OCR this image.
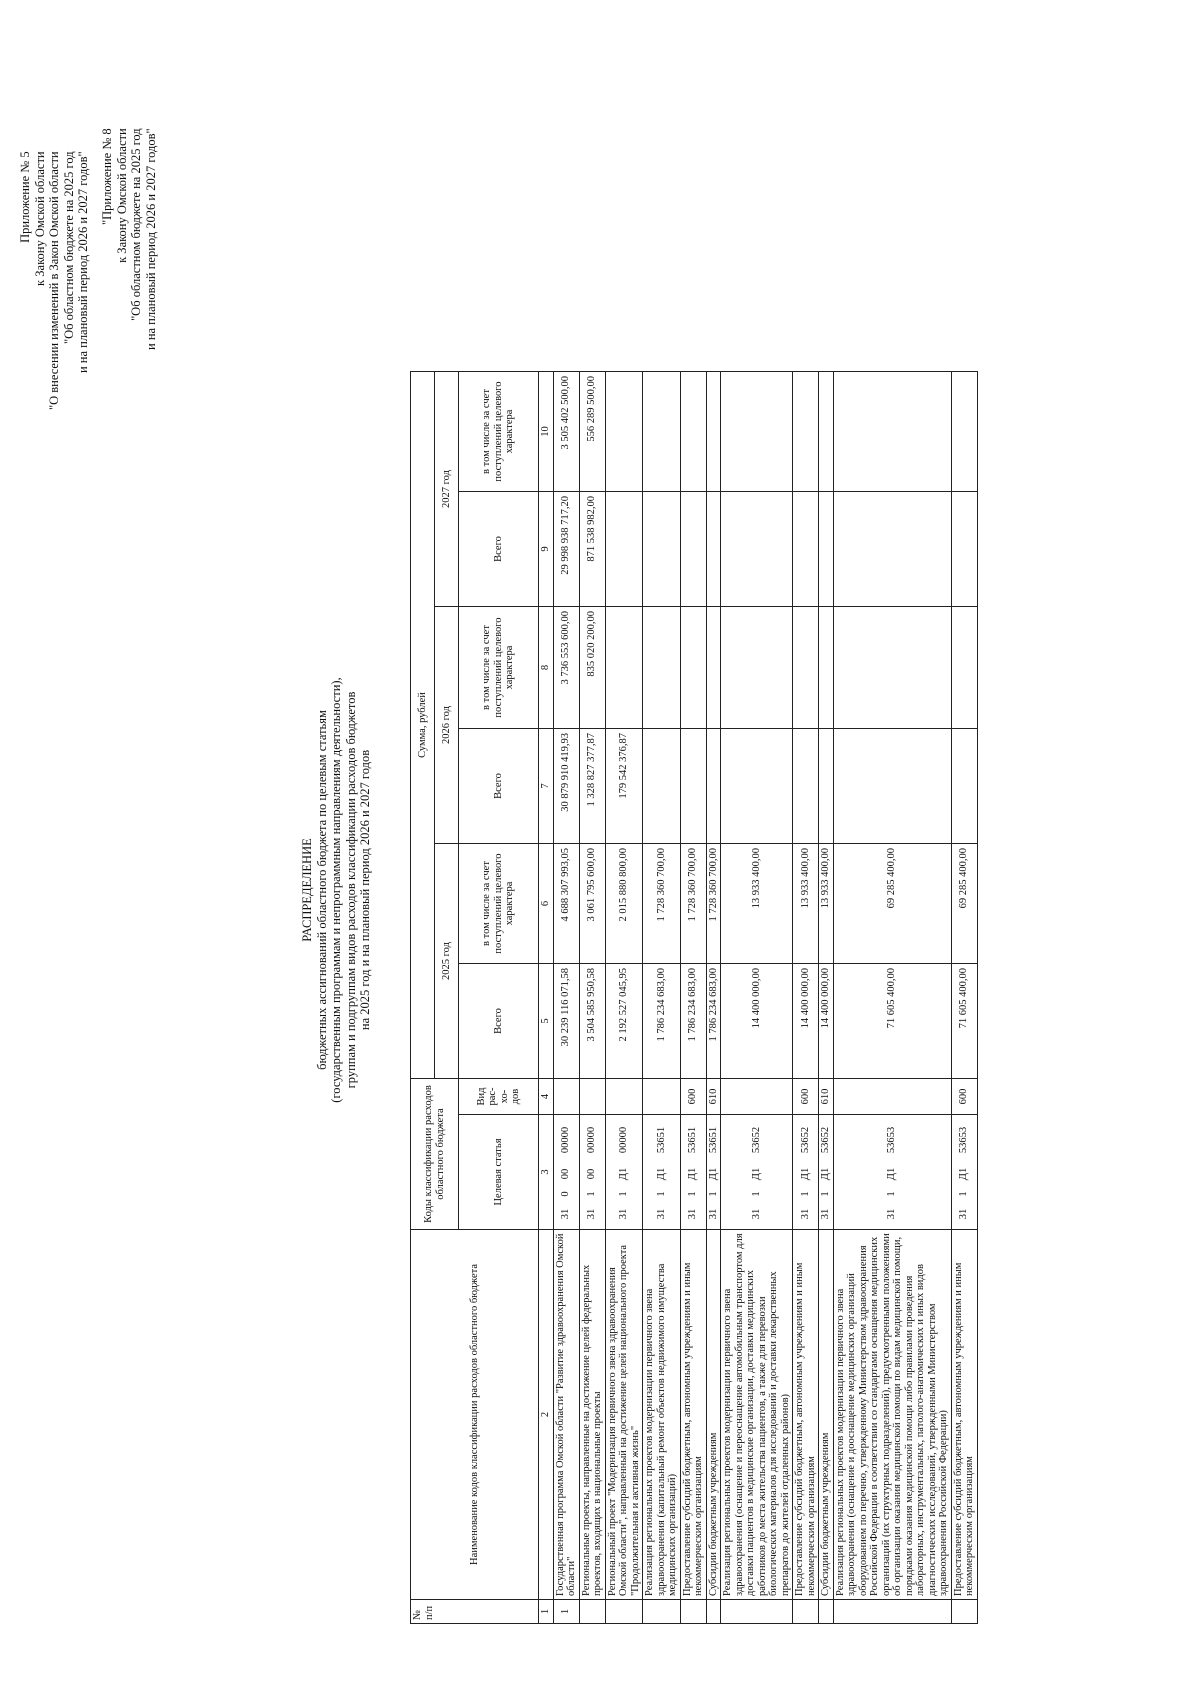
Приложение № 5 к Закону Омской области "О внесении изменений в Закон Омской области "Об областном бюджете на 2025 год и на плановый период 2026 и 2027 годов" "Приложение № 8 к Закону Омской области "Об областном бюджете на 2025 год и на плановый период 2026 и 2027 годов"
РАСПРЕДЕЛЕНИЕ бюджетных ассигнований областного бюджета по целевым статьям (государственным программам и непрограммным направлениям деятельности), группам и подгруппам видов расходов классификации расходов бюджетов на 2025 год и на плановый период 2026 и 2027 годов
№ п/п	Наименование кодов классификации расходов областного бюджета	Коды классификации расходов областного бюджета		Сумма, рублей					
				2025 год		2026 год		2027 год	
		Целевая статья	Вид рас-хо-дов	Всего	в том числе за счет поступлений целевого характера	Всего	в том числе за счет поступлений целевого характера	Всего	в том числе за счет поступлений целевого характера
1	2	3	4	5	6	7	8	9	10
1	Государственная программа Омской области "Развитие здравоохранения Омской области"	3100000000		30 239 116 071,58	4 688 307 993,05	30 879 910 419,93	3 736 553 600,00	29 998 938 717,20	3 505 402 500,00
	Региональные проекты, направленные на достижение целей федеральных проектов, входящих в национальные проекты	3110000000		3 504 585 950,58	3 061 795 600,00	1 328 827 377,87	835 020 200,00	871 538 982,00	556 289 500,00
	Региональный проект "Модернизация первичного звена здравоохранения Омской области", направленный на достижение целей национального проекта "Продолжительная и активная жизнь"	311Д100000		2 192 527 045,95	2 015 880 800,00	179 542 376,87			
	Реализация региональных проектов модернизации первичного звена здравоохранения (капитальный ремонт объектов недвижимого имущества медицинских организаций)	311Д153651		1 786 234 683,00	1 728 360 700,00				
	Предоставление субсидий бюджетным, автономным учреждениям и иным некоммерческим организациям	311Д153651	600	1 786 234 683,00	1 728 360 700,00				
	Субсидии бюджетным учреждениям	311Д153651	610	1 786 234 683,00	1 728 360 700,00				
	Реализация региональных проектов модернизации первичного звена здравоохранения (оснащение и переоснащение автомобильным транспортом для доставки пациентов в медицинские организации, доставки медицинских работников до места жительства пациентов, а также для перевозки биологических материалов для исследований и доставки лекарственных препаратов до жителей отдаленных районов)	311Д153652		14 400 000,00	13 933 400,00				
	Предоставление субсидий бюджетным, автономным учреждениям и иным некоммерческим организациям	311Д153652	600	14 400 000,00	13 933 400,00				
	Субсидии бюджетным учреждениям	311Д153652	610	14 400 000,00	13 933 400,00				
	Реализация региональных проектов модернизации первичного звена здравоохранения (оснащение и дооснащение медицинских организаций оборудованием по перечню, утвержденному Министерством здравоохранения Российской Федерации в соответствии со стандартами оснащения медицинских организаций (их структурных подразделений), предусмотренными положениями об организации оказания медицинской помощи по видам медицинской помощи, порядками оказания медицинской помощи либо правилами проведения лабораторных, инструментальных, патолого-анатомических и иных видов диагностических исследований, утвержденными Министерством здравоохранения Российской Федерации)	311Д153653		71 605 400,00	69 285 400,00				
	Предоставление субсидий бюджетным, автономным учреждениям и иным некоммерческим организациям	311Д153653	600	71 605 400,00	69 285 400,00				
